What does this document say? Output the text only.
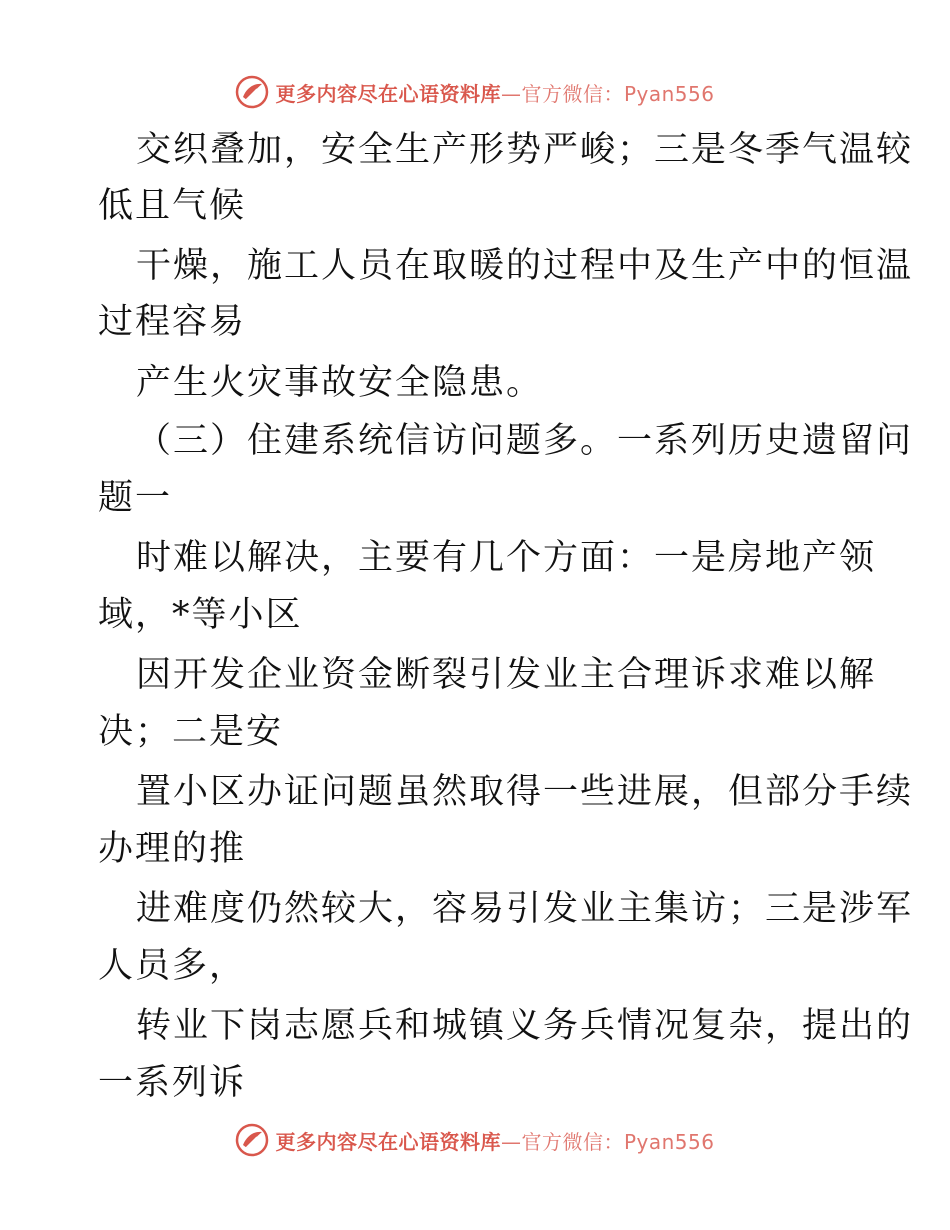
更多内容尽在心语资料库—官方微信：Pyan556
交织叠加，安全生产形势严峻；三是冬季气温较
低且气候
干燥，施工人员在取暖的过程中及生产中的恒温
过程容易
产生火灾事故安全隐患。
（三）住建系统信访问题多。一系列历史遗留问
题一
时难以解决，主要有几个方面：一是房地产领
域，*等小区
因开发企业资金断裂引发业主合理诉求难以解
决；二是安
置小区办证问题虽然取得一些进展，但部分手续
办理的推
进难度仍然较大，容易引发业主集访；三是涉军
人员多，
转业下岗志愿兵和城镇义务兵情况复杂，提出的
一系列诉
更多内容尽在心语资料库—官方微信：Pyan556
